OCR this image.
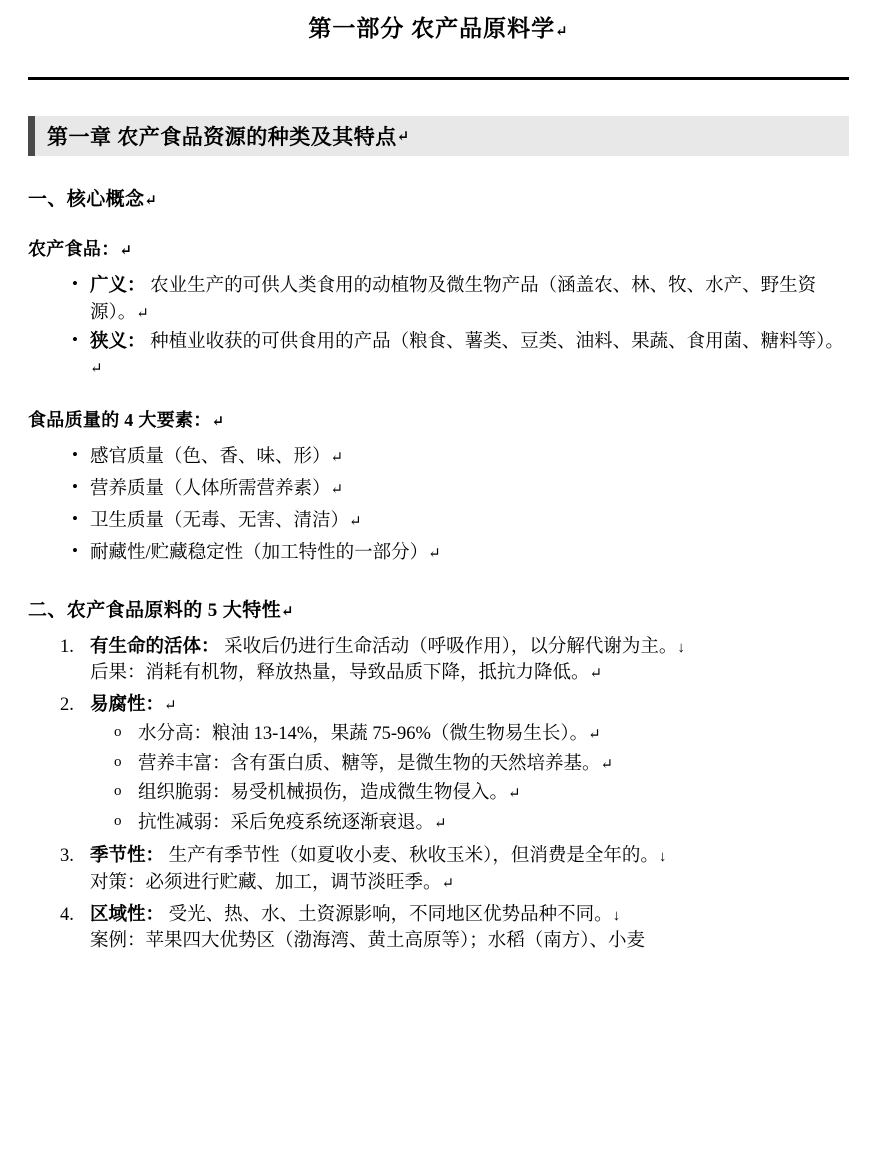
第一部分 农产品原料学↵
第一章 农产食品资源的种类及其特点 ↵
一、核心概念↵
农产食品：↵
• 广义： 农业生产的可供人类食用的动植物及微生物产品（涵盖农、林、牧、水产、野生资源）。↵
• 狭义： 种植业收获的可供食用的产品（粮食、薯类、豆类、油料、果蔬、食用菌、糖料等）。↵
食品质量的 4 大要素：↵
• 感官质量（色、香、味、形）↵
• 营养质量（人体所需营养素）↵
• 卫生质量（无毒、无害、清洁）↵
• 耐藏性/贮藏稳定性（加工特性的一部分）↵
二、农产食品原料的 5 大特性↵
有生命的活体： 采收后仍进行生命活动（呼吸作用），以分解代谢为主。↓
后果：消耗有机物，释放热量，导致品质下降，抵抗力降低。↵
易腐性：↵
o 水分高：粮油 13-14%，果蔬 75-96%（微生物易生长）。↵
o 营养丰富：含有蛋白质、糖等，是微生物的天然培养基。↵
o 组织脆弱：易受机械损伤，造成微生物侵入。↵
o 抗性减弱：采后免疫系统逐渐衰退。↵
季节性： 生产有季节性（如夏收小麦、秋收玉米），但消费是全年的。↓
对策：必须进行贮藏、加工，调节淡旺季。↵
区域性： 受光、热、水、土资源影响，不同地区优势品种不同。↓
案例：苹果四大优势区（渤海湾、黄土高原等）；水稻（南方）、小麦
